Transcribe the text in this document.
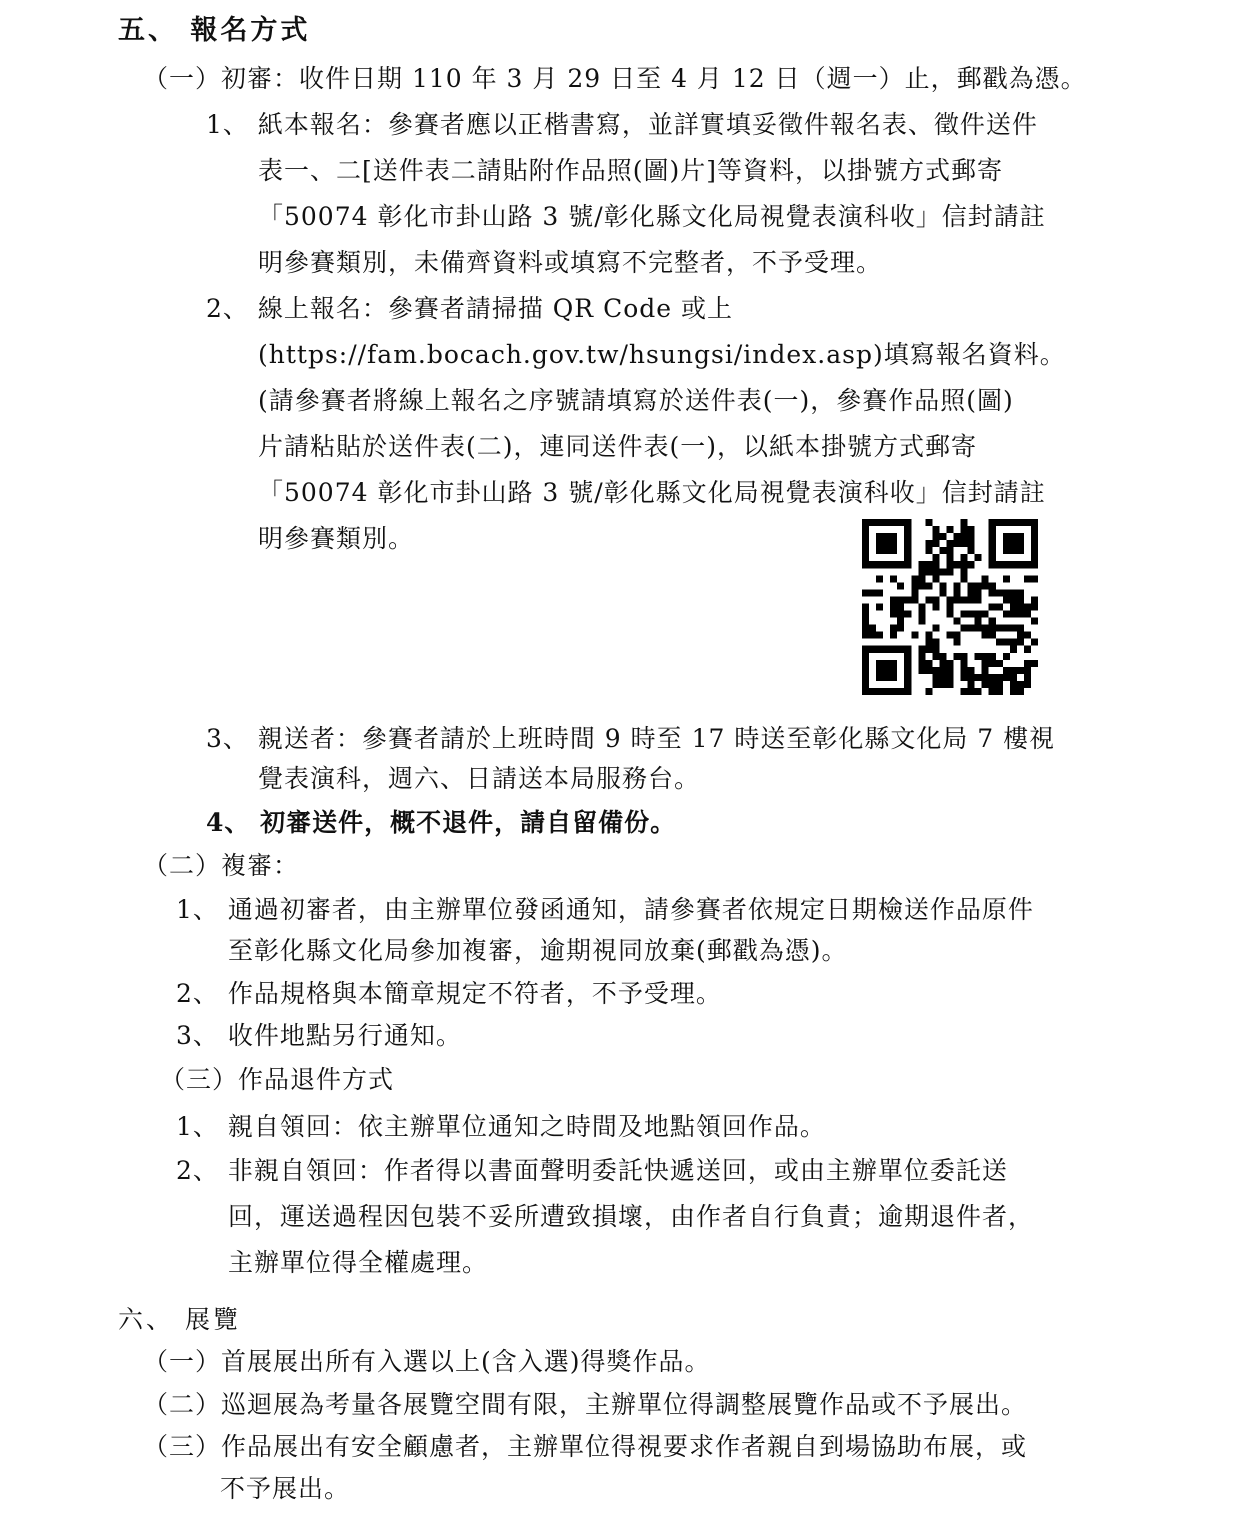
五、 報名方式
（一）初審：收件日期 110 年 3 月 29 日至 4 月 12 日（週一）止，郵戳為憑。
1、 紙本報名：參賽者應以正楷書寫，並詳實填妥徵件報名表、徵件送件
表一、二[送件表二請貼附作品照(圖)片]等資料，以掛號方式郵寄
「50074 彰化市卦山路 3 號/彰化縣文化局視覺表演科收」信封請註
明參賽類別，未備齊資料或填寫不完整者，不予受理。
2、 線上報名：參賽者請掃描 QR Code 或上
(https://fam.bocach.gov.tw/hsungsi/index.asp)填寫報名資料。
(請參賽者將線上報名之序號請填寫於送件表(一)，參賽作品照(圖)
片請粘貼於送件表(二)，連同送件表(一)，以紙本掛號方式郵寄
「50074 彰化市卦山路 3 號/彰化縣文化局視覺表演科收」信封請註
明參賽類別。
3、 親送者：參賽者請於上班時間 9 時至 17 時送至彰化縣文化局 7 樓視
覺表演科，週六、日請送本局服務台。
4、 初審送件，概不退件，請自留備份。
（二）複審：
1、 通過初審者，由主辦單位發函通知，請參賽者依規定日期檢送作品原件
至彰化縣文化局參加複審，逾期視同放棄(郵戳為憑)。
2、 作品規格與本簡章規定不符者，不予受理。
3、 收件地點另行通知。
（三）作品退件方式
1、 親自領回：依主辦單位通知之時間及地點領回作品。
2、 非親自領回：作者得以書面聲明委託快遞送回，或由主辦單位委託送
回，運送過程因包裝不妥所遭致損壞，由作者自行負責；逾期退件者，
主辦單位得全權處理。
六、 展覽
（一）首展展出所有入選以上(含入選)得獎作品。
（二）巡迴展為考量各展覽空間有限，主辦單位得調整展覽作品或不予展出。
（三）作品展出有安全顧慮者，主辦單位得視要求作者親自到場協助布展，或
不予展出。
